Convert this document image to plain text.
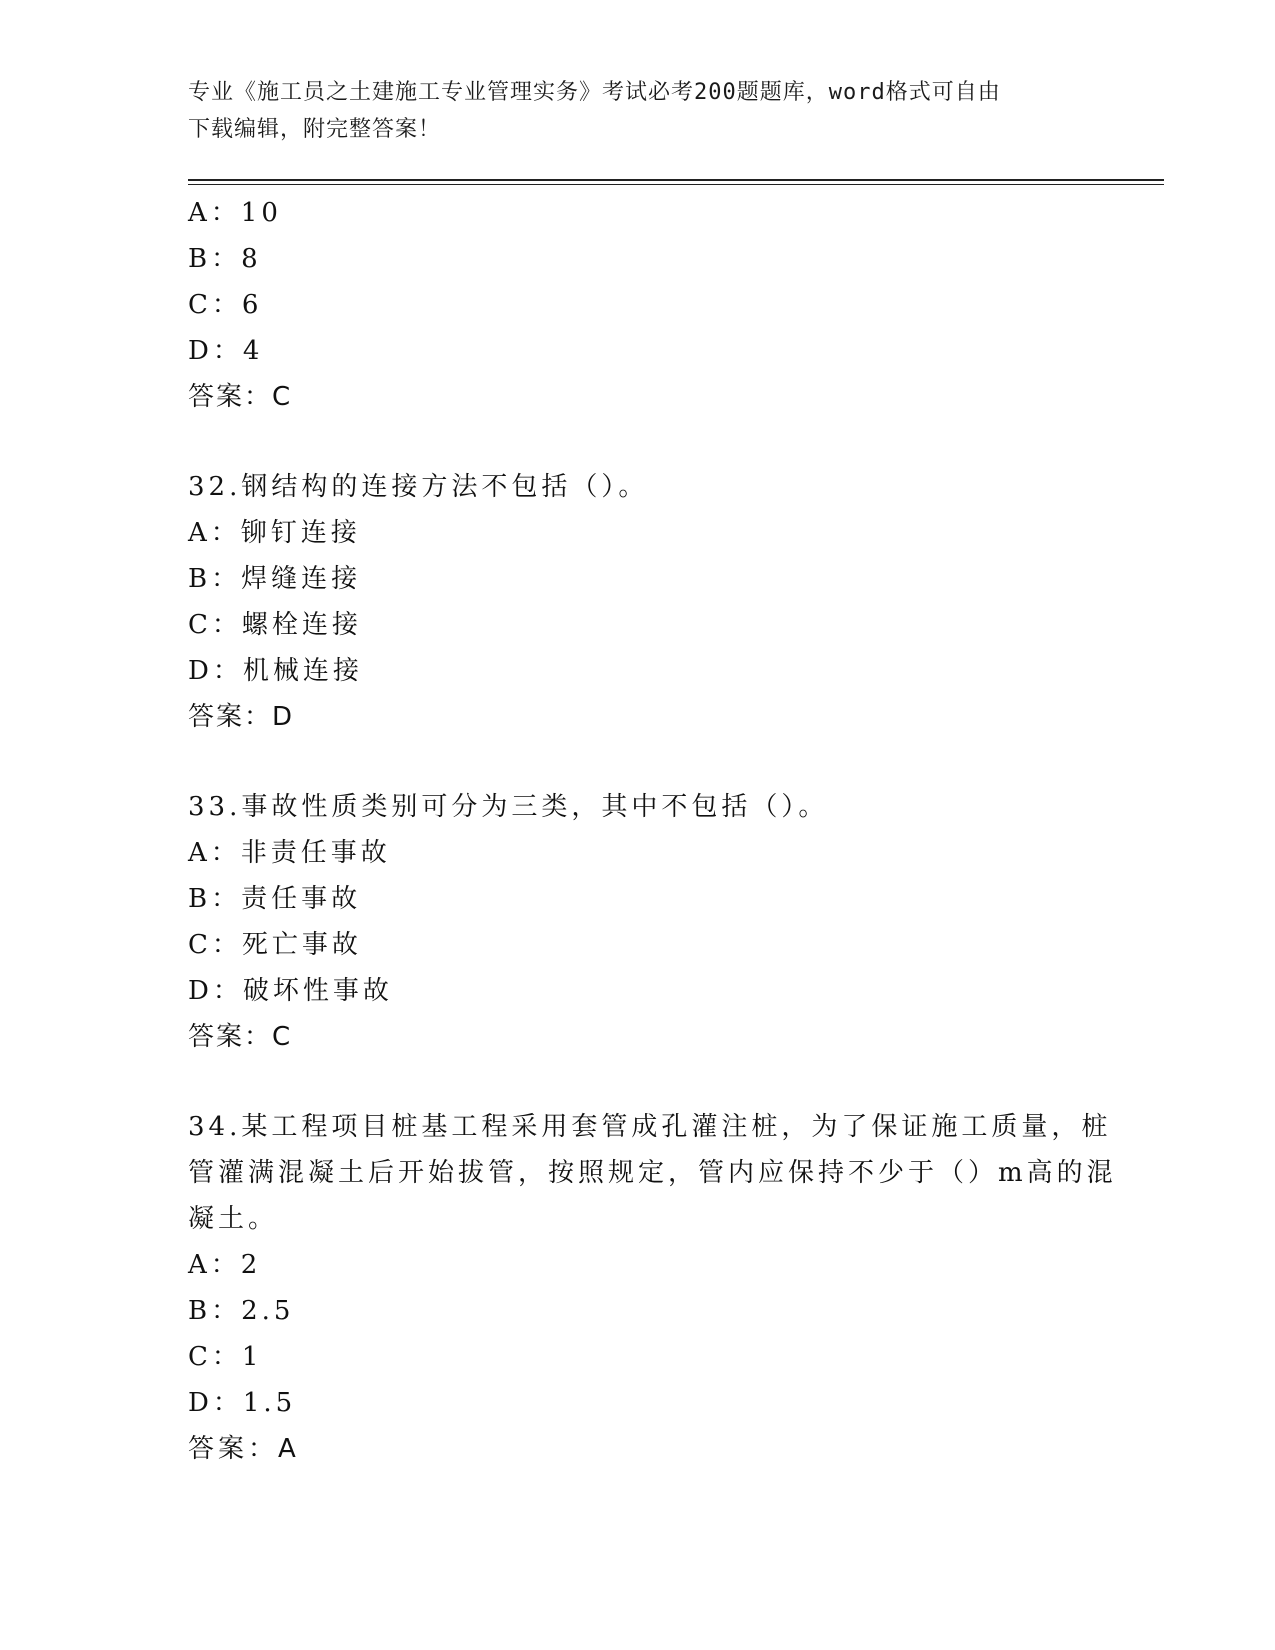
专业《施工员之土建施工专业管理实务》考试必考200题题库，word格式可自由
下载编辑，附完整答案！
A：10
B：8
C：6
D：4
答案：C
32.钢结构的连接方法不包括（）。
A：铆钉连接
B：焊缝连接
C：螺栓连接
D：机械连接
答案：D
33.事故性质类别可分为三类，其中不包括（）。
A：非责任事故
B：责任事故
C：死亡事故
D：破坏性事故
答案：C
34.某工程项目桩基工程采用套管成孔灌注桩，为了保证施工质量，桩
管灌满混凝土后开始拔管，按照规定，管内应保持不少于（）m高的混
凝土。
A：2
B：2.5
C：1
D：1.5
答案：A
